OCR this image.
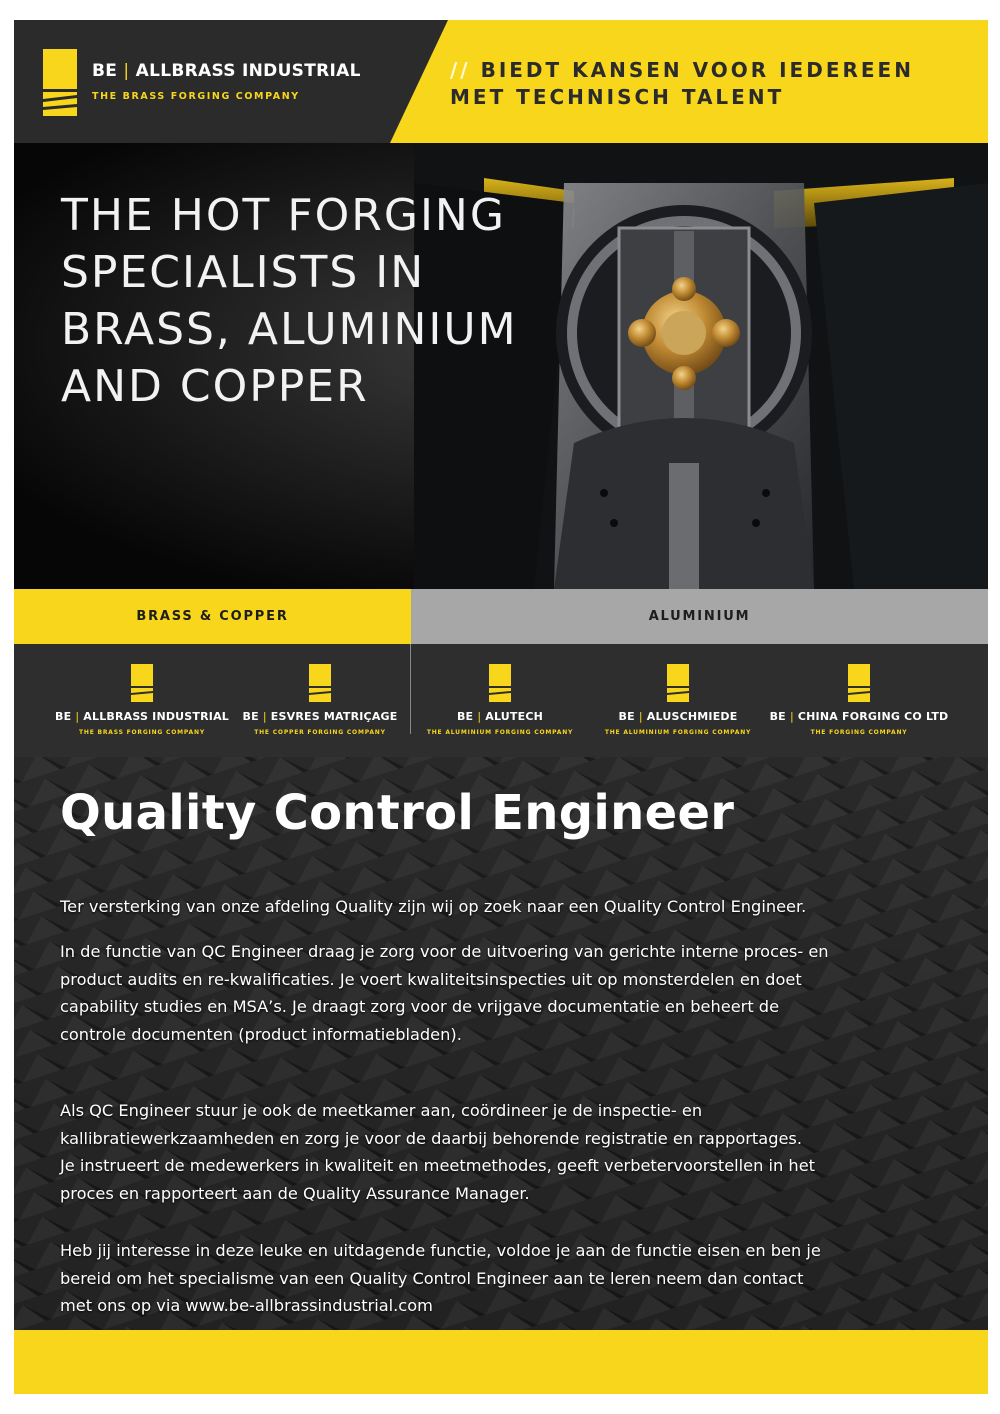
BE | ALLBRASS INDUSTRIAL
THE BRASS FORGING COMPANY
// BIEDT KANSEN VOOR IEDEREEN
MET TECHNISCH TALENT
THE HOT FORGING
SPECIALISTS IN
BRASS, ALUMINIUM
AND COPPER
BRASS & COPPER	ALUMINIUM
BE | ALLBRASS INDUSTRIAL
THE BRASS FORGING COMPANY
BE | ESVRES MATRIÇAGE
THE COPPER FORGING COMPANY
BE | ALUTECH
THE ALUMINIUM FORGING COMPANY
BE | ALUSCHMIEDE
THE ALUMINIUM FORGING COMPANY
BE | CHINA FORGING CO LTD
THE FORGING COMPANY
Quality Control Engineer

Ter versterking van onze afdeling Quality zijn wij op zoek naar een Quality Control Engineer.

In de functie van QC Engineer draag je zorg voor de uitvoering van gerichte interne proces- en

product audits en re-kwalificaties. Je voert kwaliteitsinspecties uit op monsterdelen en doet

capability studies en MSA’s. Je draagt zorg voor de vrijgave documentatie en beheert de

controle documenten (product informatiebladen).

Als QC Engineer stuur je ook de meetkamer aan, coördineer je de inspectie- en

kallibratiewerkzaamheden en zorg je voor de daarbij behorende registratie en rapportages.

Je instrueert de medewerkers in kwaliteit en meetmethodes, geeft verbetervoorstellen in het

proces en rapporteert aan de Quality Assurance Manager.

Heb jij interesse in deze leuke en uitdagende functie, voldoe je aan de functie eisen en ben je

bereid om het specialisme van een Quality Control Engineer aan te leren neem dan contact

met ons op via www.be-allbrassindustrial.com
